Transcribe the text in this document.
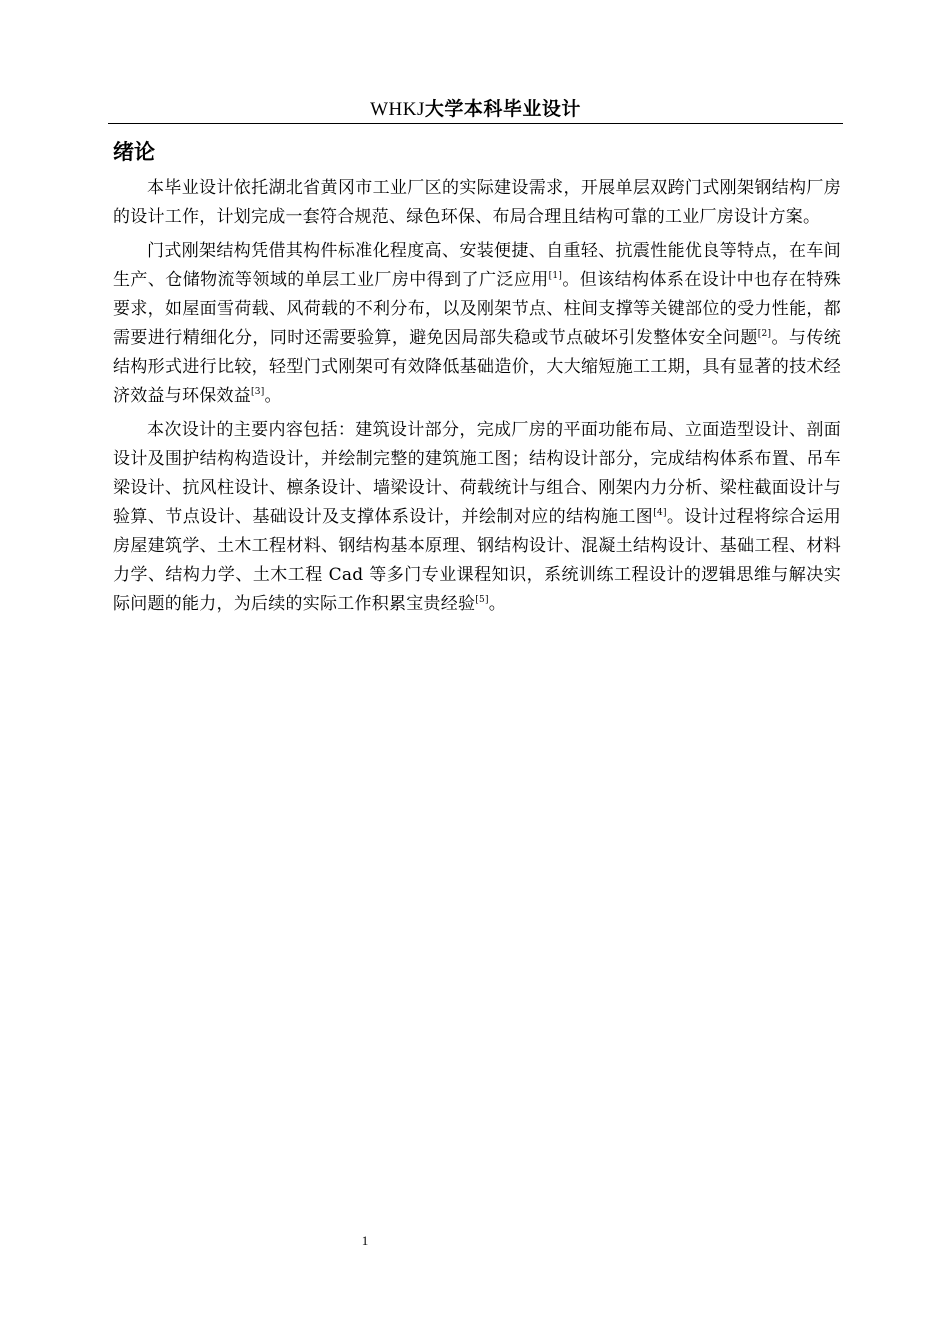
WHKJ大学本科毕业设计
绪论

本毕业设计依托湖北省黄冈市工业厂区的实际建设需求，开展单层双跨门式刚架钢结构厂房的设计工作，计划完成一套符合规范、绿色环保、布局合理且结构可靠的工业厂房设计方案。

门式刚架结构凭借其构件标准化程度高、安装便捷、自重轻、抗震性能优良等特点，在车间生产、仓储物流等领域的单层工业厂房中得到了广泛应用[1]。但该结构体系在设计中也存在特殊要求，如屋面雪荷载、风荷载的不利分布，以及刚架节点、柱间支撑等关键部位的受力性能，都需要进行精细化分，同时还需要验算，避免因局部失稳或节点破坏引发整体安全问题[2]。与传统结构形式进行比较，轻型门式刚架可有效降低基础造价，大大缩短施工工期，具有显著的技术经济效益与环保效益[3]。

本次设计的主要内容包括：建筑设计部分，完成厂房的平面功能布局、立面造型设计、剖面设计及围护结构构造设计，并绘制完整的建筑施工图；结构设计部分，完成结构体系布置、吊车梁设计、抗风柱设计、檩条设计、墙梁设计、荷载统计与组合、刚架内力分析、梁柱截面设计与验算、节点设计、基础设计及支撑体系设计，并绘制对应的结构施工图[4]。设计过程将综合运用房屋建筑学、土木工程材料、钢结构基本原理、钢结构设计、混凝土结构设计、基础工程、材料力学、结构力学、土木工程 Cad 等多门专业课程知识，系统训练工程设计的逻辑思维与解决实际问题的能力，为后续的实际工作积累宝贵经验[5]。

1
